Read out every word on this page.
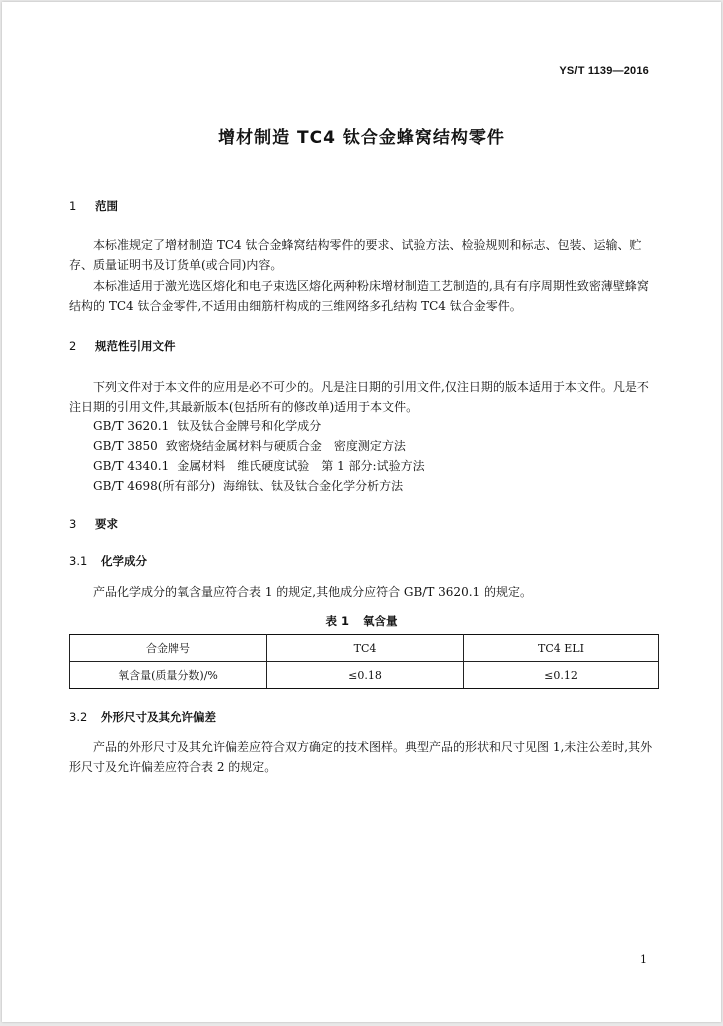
YS/T 1139—2016
增材制造 TC4 钛合金蜂窝结构零件
1 范围
本标准规定了增材制造 TC4 钛合金蜂窝结构零件的要求、试验方法、检验规则和标志、包装、运输、贮存、质量证明书及订货单(或合同)内容。
本标准适用于激光选区熔化和电子束选区熔化两种粉床增材制造工艺制造的,具有有序周期性致密薄壁蜂窝结构的 TC4 钛合金零件,不适用由细筋杆构成的三维网络多孔结构 TC4 钛合金零件。
2 规范性引用文件
下列文件对于本文件的应用是必不可少的。凡是注日期的引用文件,仅注日期的版本适用于本文件。凡是不注日期的引用文件,其最新版本(包括所有的修改单)适用于本文件。
GB/T 3620.1 钛及钛合金牌号和化学成分
GB/T 3850 致密烧结金属材料与硬质合金　密度测定方法
GB/T 4340.1 金属材料　维氏硬度试验　第 1 部分:试验方法
GB/T 4698(所有部分) 海绵钛、钛及钛合金化学分析方法
3 要求
3.1 化学成分
产品化学成分的氧含量应符合表 1 的规定,其他成分应符合 GB/T 3620.1 的规定。
表 1 氧含量
合金牌号	TC4	TC4 ELI
氧含量(质量分数)/%	≤0.18	≤0.12
3.2 外形尺寸及其允许偏差
产品的外形尺寸及其允许偏差应符合双方确定的技术图样。典型产品的形状和尺寸见图 1,未注公差时,其外形尺寸及允许偏差应符合表 2 的规定。
1
